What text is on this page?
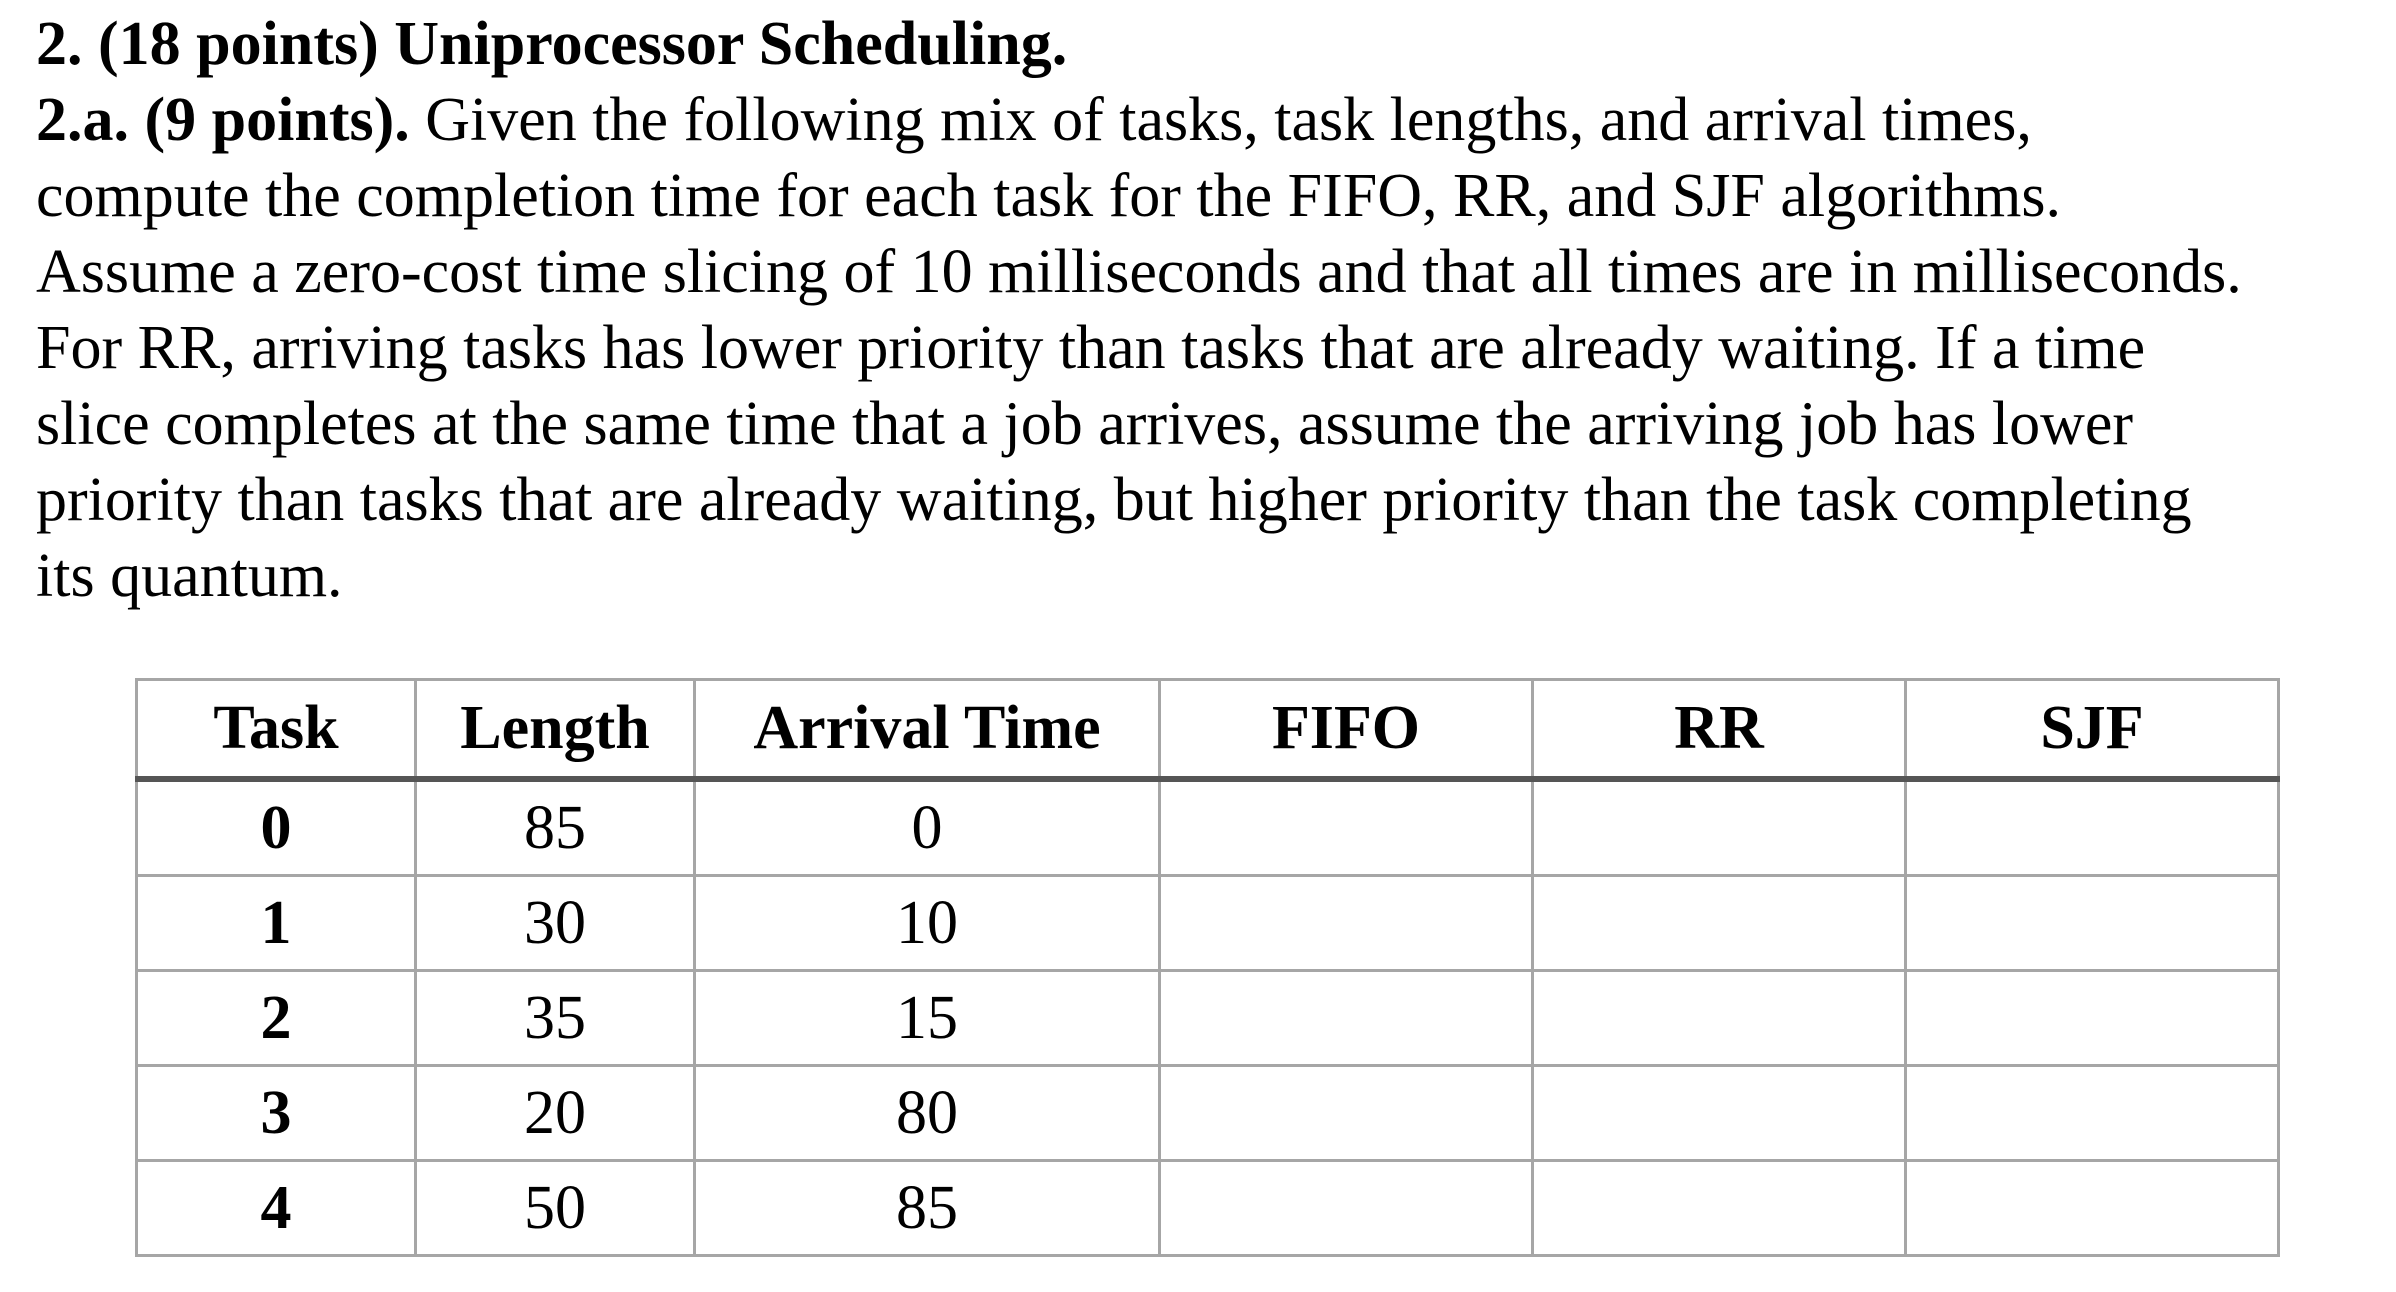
2. (18 points) Uniprocessor Scheduling.

2.a. (9 points). Given the following mix of tasks, task lengths, and arrival times,
compute the completion time for each task for the FIFO, RR, and SJF algorithms.
Assume a zero-cost time slicing of 10 milliseconds and that all times are in milliseconds.
For RR, arriving tasks has lower priority than tasks that are already waiting. If a time
slice completes at the same time that a job arrives, assume the arriving job has lower
priority than tasks that are already waiting, but higher priority than the task completing
its quantum.

Task	Length	Arrival Time	FIFO	RR	SJF
0	85	0			
1	30	10			
2	35	15			
3	20	80			
4	50	85			
